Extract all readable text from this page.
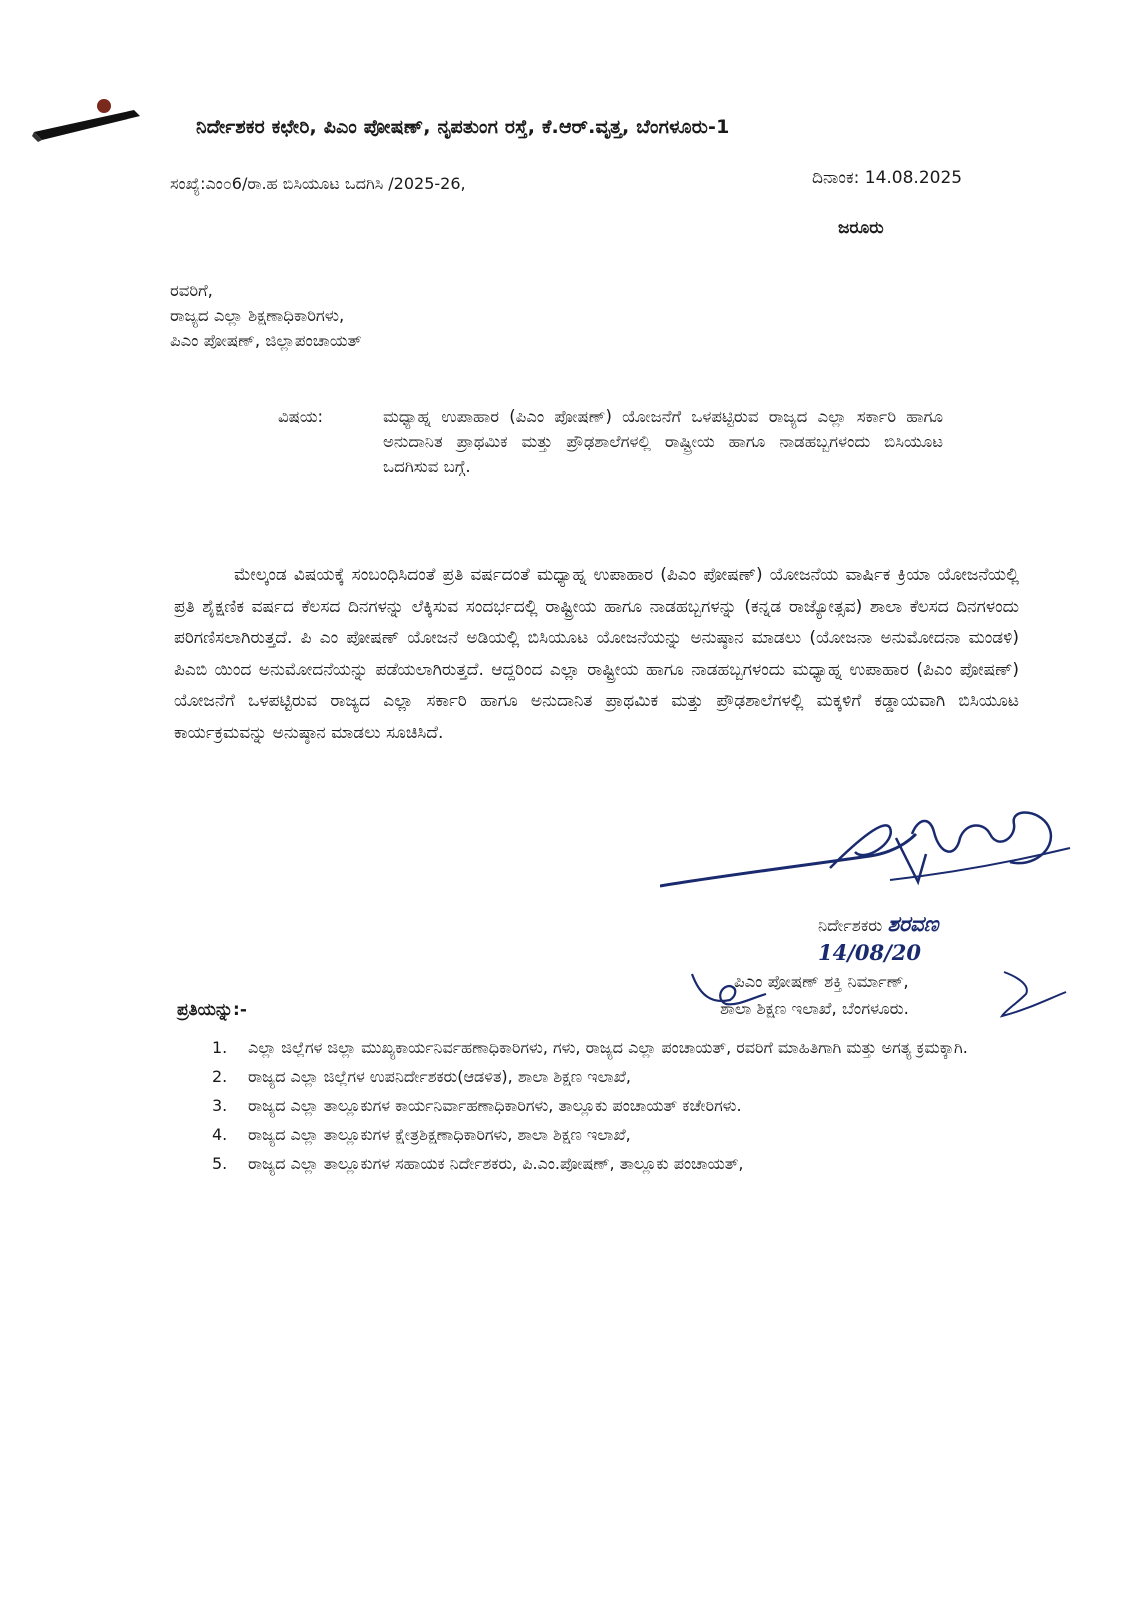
ನಿರ್ದೇಶಕರ ಕಛೇರಿ, ಪಿಎಂ ಪೋಷಣ್, ನೃಪತುಂಗ ರಸ್ತೆ, ಕೆ.ಆರ್.ವೃತ್ತ, ಬೆಂಗಳೂರು-1
ಸಂಖ್ಯೆ:ಎಂ೦6/ರಾ.ಹ ಬಿಸಿಯೂಟ ಒದಗಿಸಿ /2025-26,	ದಿನಾಂಕ: 14.08.2025
ಜರೂರು
ರವರಿಗೆ,
ರಾಜ್ಯದ ಎಲ್ಲಾ ಶಿಕ್ಷಣಾಧಿಕಾರಿಗಳು,
ಪಿಎಂ ಪೋಷಣ್, ಜಿಲ್ಲಾಪಂಚಾಯತ್
ವಿಷಯ:	ಮಧ್ಯಾಹ್ನ ಉಪಾಹಾರ (ಪಿಎಂ ಪೋಷಣ್) ಯೋಜನೆಗೆ ಒಳಪಟ್ಟಿರುವ ರಾಜ್ಯದ ಎಲ್ಲಾ ಸರ್ಕಾರಿ ಹಾಗೂ ಅನುದಾನಿತ ಪ್ರಾಥಮಿಕ ಮತ್ತು ಪ್ರೌಢಶಾಲೆಗಳಲ್ಲಿ ರಾಷ್ಟ್ರೀಯ ಹಾಗೂ ನಾಡಹಬ್ಬಗಳಂದು ಬಿಸಿಯೂಟ ಒದಗಿಸುವ ಬಗ್ಗೆ.
ಮೇಲ್ಕಂಡ ವಿಷಯಕ್ಕೆ ಸಂಬಂಧಿಸಿದಂತೆ ಪ್ರತಿ ವರ್ಷದಂತೆ ಮಧ್ಯಾಹ್ನ ಉಪಾಹಾರ (ಪಿಎಂ ಪೋಷಣ್) ಯೋಜನೆಯ ವಾರ್ಷಿಕ ಕ್ರಿಯಾ ಯೋಜನೆಯಲ್ಲಿ ಪ್ರತಿ ಶೈಕ್ಷಣಿಕ ವರ್ಷದ ಕೆಲಸದ ದಿನಗಳನ್ನು ಲೆಕ್ಕಿಸುವ ಸಂದರ್ಭದಲ್ಲಿ ರಾಷ್ಟ್ರೀಯ ಹಾಗೂ ನಾಡಹಬ್ಬಗಳನ್ನು (ಕನ್ನಡ ರಾಜ್ಯೋತ್ಸವ) ಶಾಲಾ ಕೆಲಸದ ದಿನಗಳಂದು ಪರಿಗಣಿಸಲಾಗಿರುತ್ತದೆ. ಪಿ ಎಂ ಪೋಷಣ್ ಯೋಜನೆ ಅಡಿಯಲ್ಲಿ ಬಿಸಿಯೂಟ ಯೋಜನೆಯನ್ನು ಅನುಷ್ಠಾನ ಮಾಡಲು (ಯೋಜನಾ ಅನುಮೋದನಾ ಮಂಡಳಿ) ಪಿಎಬಿ ಯಿಂದ ಅನುಮೋದನೆಯನ್ನು ಪಡೆಯಲಾಗಿರುತ್ತದೆ. ಆದ್ದರಿಂದ ಎಲ್ಲಾ ರಾಷ್ಟ್ರೀಯ ಹಾಗೂ ನಾಡಹಬ್ಬಗಳಂದು ಮಧ್ಯಾಹ್ನ ಉಪಾಹಾರ (ಪಿಎಂ ಪೋಷಣ್) ಯೋಜನೆಗೆ ಒಳಪಟ್ಟಿರುವ ರಾಜ್ಯದ ಎಲ್ಲಾ ಸರ್ಕಾರಿ ಹಾಗೂ ಅನುದಾನಿತ ಪ್ರಾಥಮಿಕ ಮತ್ತು ಪ್ರೌಢಶಾಲೆಗಳಲ್ಲಿ ಮಕ್ಕಳಿಗೆ ಕಡ್ಡಾಯವಾಗಿ ಬಿಸಿಯೂಟ ಕಾರ್ಯಕ್ರಮವನ್ನು ಅನುಷ್ಠಾನ ಮಾಡಲು ಸೂಚಿಸಿದೆ.
ನಿರ್ದೇಶಕರು ಶರವಣ 14/08/20
ಪಿಎಂ ಪೋಷಣ್ ಶಕ್ತಿ ನಿರ್ಮಾಣ್,
ಶಾಲಾ ಶಿಕ್ಷಣ ಇಲಾಖೆ, ಬೆಂಗಳೂರು.
ಪ್ರತಿಯನ್ನು:-
1. ಎಲ್ಲಾ ಜಿಲ್ಲೆಗಳ ಜಿಲ್ಲಾ ಮುಖ್ಯಕಾರ್ಯನಿರ್ವಹಣಾಧಿಕಾರಿಗಳು, ಗಳು, ರಾಜ್ಯದ ಎಲ್ಲಾ ಪಂಚಾಯತ್, ರವರಿಗೆ ಮಾಹಿತಿಗಾಗಿ ಮತ್ತು ಅಗತ್ಯ ಕ್ರಮಕ್ಕಾಗಿ.
2. ರಾಜ್ಯದ ಎಲ್ಲಾ ಜಿಲ್ಲೆಗಳ ಉಪನಿರ್ದೇಶಕರು(ಆಡಳಿತ), ಶಾಲಾ ಶಿಕ್ಷಣ ಇಲಾಖೆ,
3. ರಾಜ್ಯದ ಎಲ್ಲಾ ತಾಲ್ಲೂಕುಗಳ ಕಾರ್ಯನಿರ್ವಾಹಣಾಧಿಕಾರಿಗಳು, ತಾಲ್ಲೂಕು ಪಂಚಾಯತ್ ಕಚೇರಿಗಳು.
4. ರಾಜ್ಯದ ಎಲ್ಲಾ ತಾಲ್ಲೂಕುಗಳ ಕ್ಷೇತ್ರಶಿಕ್ಷಣಾಧಿಕಾರಿಗಳು, ಶಾಲಾ ಶಿಕ್ಷಣ ಇಲಾಖೆ,
5. ರಾಜ್ಯದ ಎಲ್ಲಾ ತಾಲ್ಲೂಕುಗಳ ಸಹಾಯಕ ನಿರ್ದೇಶಕರು, ಪಿ.ಎಂ.ಪೋಷಣ್, ತಾಲ್ಲೂಕು ಪಂಚಾಯತ್,
